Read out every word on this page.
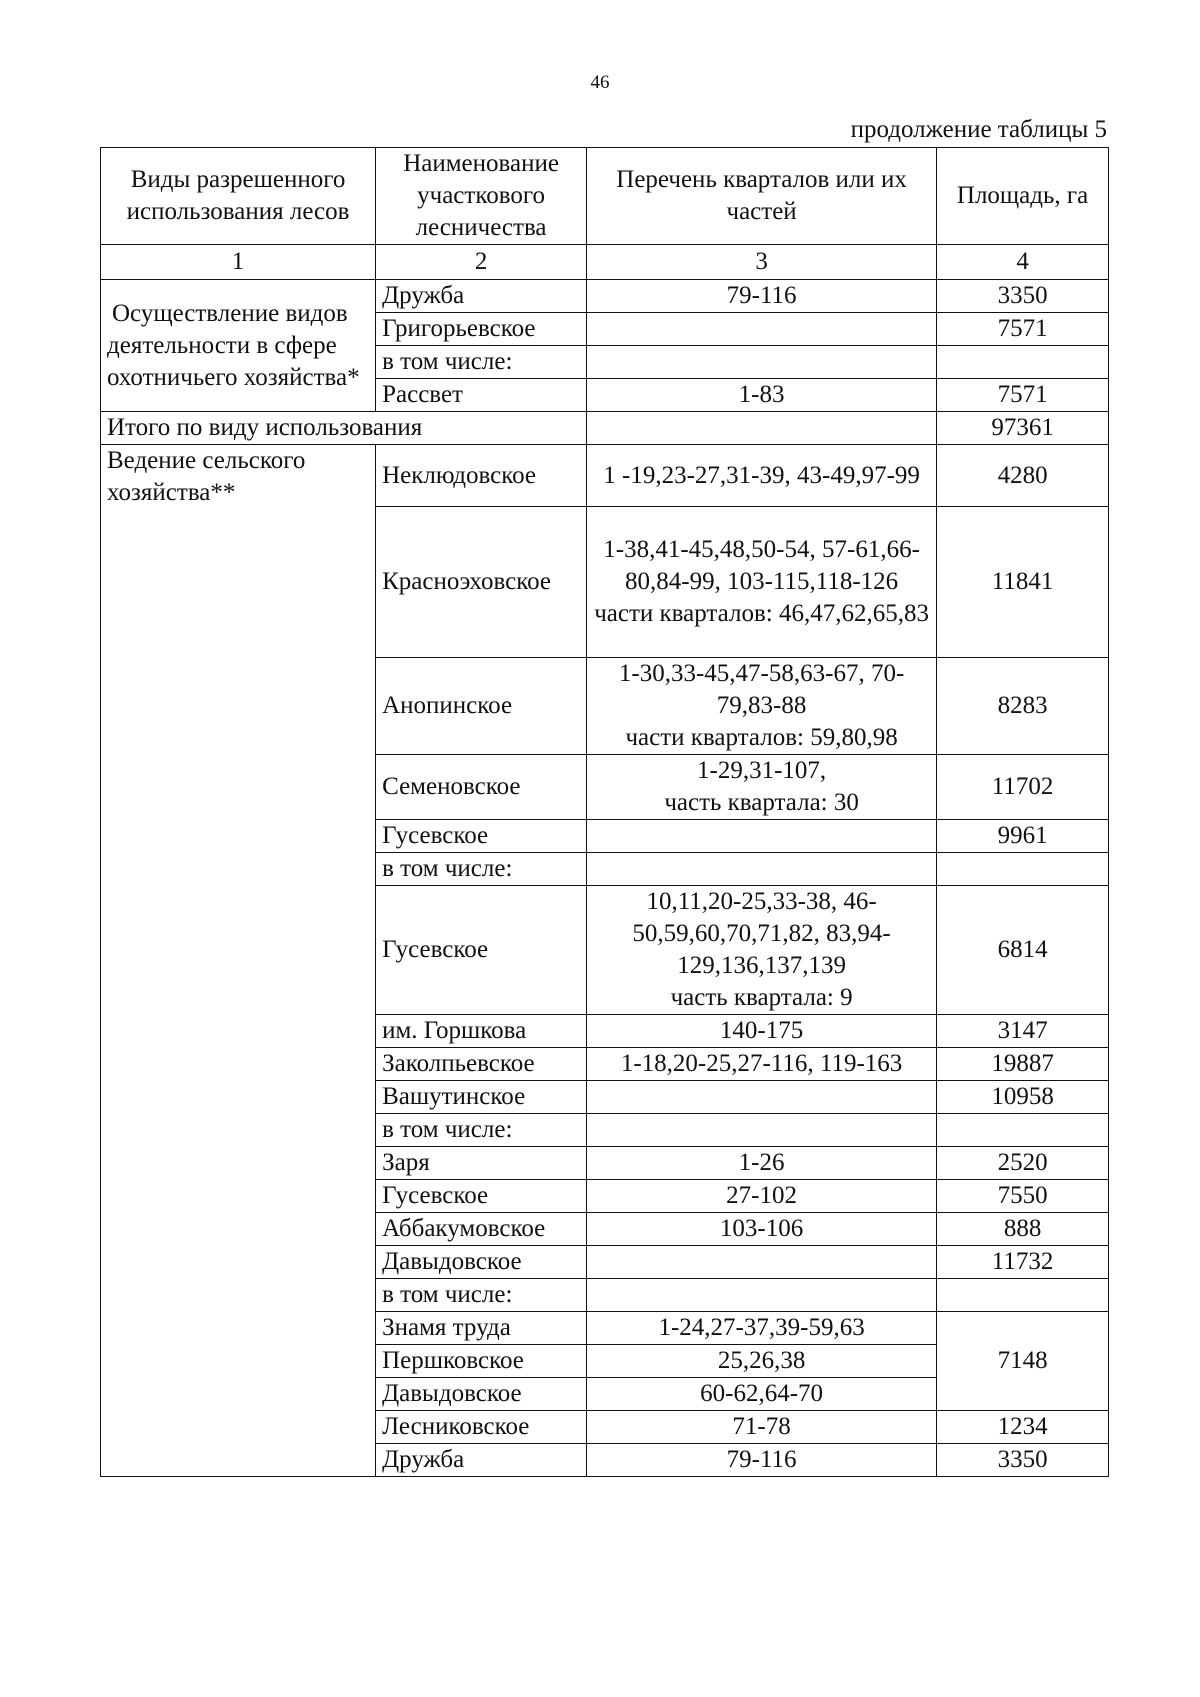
46
продолжение таблицы 5
Виды разрешенного использования лесов	Наименование участкового лесничества	Перечень кварталов или их частей	Площадь, га
1	2	3	4
Осуществление видов деятельности в сфере охотничьего хозяйства*	Дружба	79-116	3350
	Григорьевское		7571
	в том числе:		
	Рассвет	1-83	7571
Итого по виду использования			97361
Ведение сельского хозяйства**	Неклюдовское	1 -19,23-27,31-39, 43-49,97-99	4280
	Красноэховское	1-38,41-45,48,50-54, 57-61,66-80,84-99, 103-115,118-126
части кварталов: 46,47,62,65,83	11841
	Анопинское	1-30,33-45,47-58,63-67, 70-79,83-88
части кварталов: 59,80,98	8283
	Семеновское	1-29,31-107,
часть квартала: 30	11702
	Гусевское		9961
	в том числе:		
	Гусевское	10,11,20-25,33-38, 46-50,59,60,70,71,82, 83,94-129,136,137,139
часть квартала: 9	6814
	им. Горшкова	140-175	3147
	Заколпьевское	1-18,20-25,27-116, 119-163	19887
	Вашутинское		10958
	в том числе:		
	Заря	1-26	2520
	Гусевское	27-102	7550
	Аббакумовское	103-106	888
	Давыдовское		11732
	в том числе:		
	Знамя труда	1-24,27-37,39-59,63	7148
	Першковское	25,26,38	
	Давыдовское	60-62,64-70	
	Лесниковское	71-78	1234
	Дружба	79-116	3350
